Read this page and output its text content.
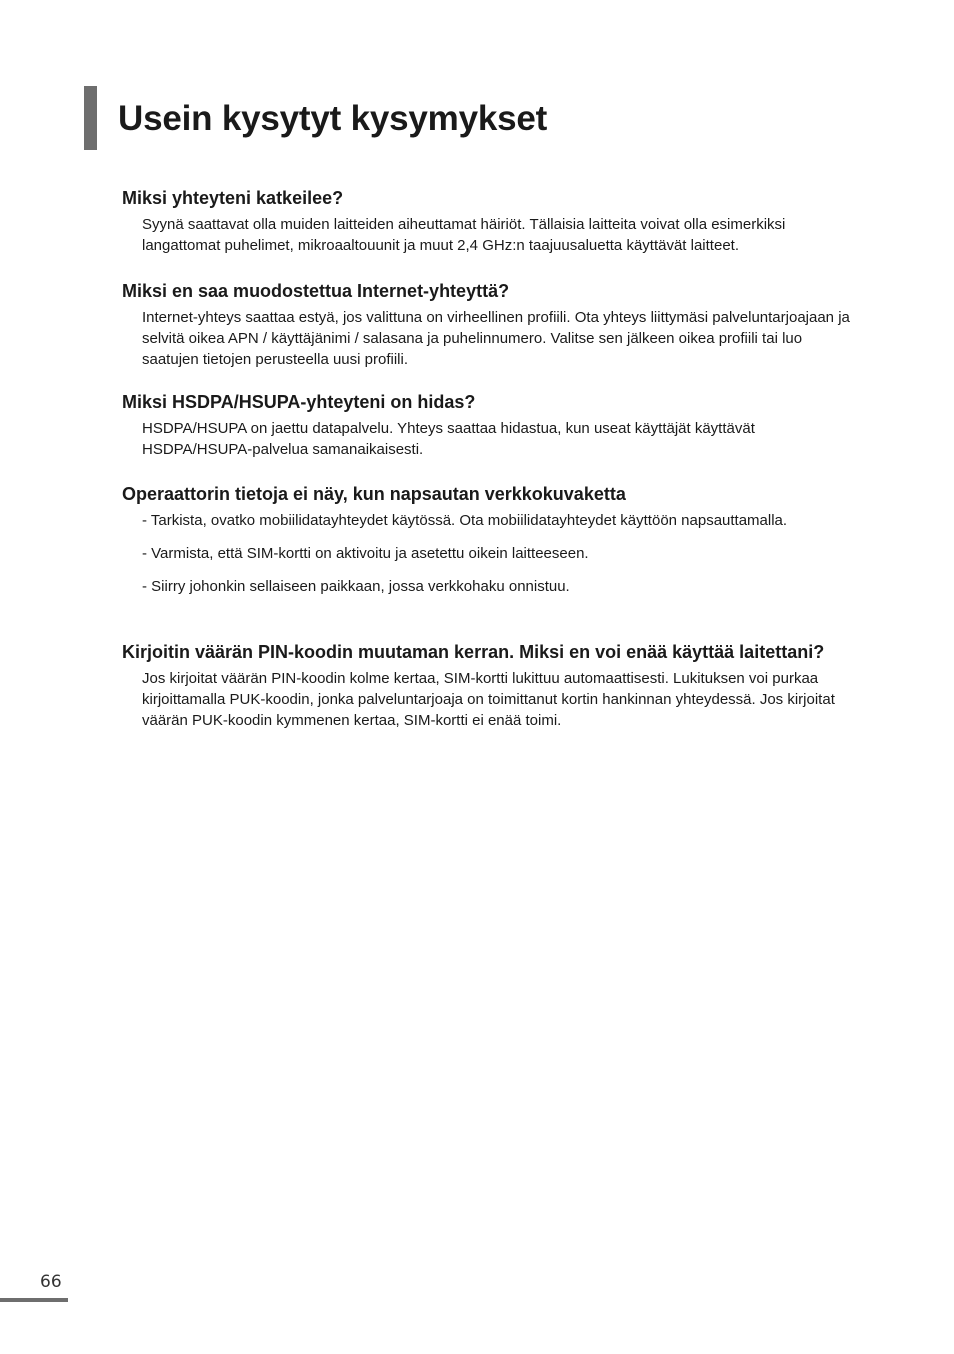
Usein kysytyt kysymykset
Miksi yhteyteni katkeilee?

Syynä saattavat olla muiden laitteiden aiheuttamat häiriöt. Tällaisia laitteita voivat olla esimerkiksi langattomat puhelimet, mikroaaltouunit ja muut 2,4 GHz:n taajuusaluetta käyttävät laitteet.

Miksi en saa muodostettua Internet-yhteyttä?

Internet-yhteys saattaa estyä, jos valittuna on virheellinen profiili. Ota yhteys liittymäsi palveluntarjoajaan ja selvitä oikea APN / käyttäjänimi / salasana ja puhelinnumero. Valitse sen jälkeen oikea profiili tai luo saatujen tietojen perusteella uusi profiili.

Miksi HSDPA/HSUPA-yhteyteni on hidas?

HSDPA/HSUPA on jaettu datapalvelu. Yhteys saattaa hidastua, kun useat käyttäjät käyttävät HSDPA/HSUPA-palvelua samanaikaisesti.

Operaattorin tietoja ei näy, kun napsautan verkkokuvaketta
- Tarkista, ovatko mobiilidatayhteydet käytössä. Ota mobiilidatayhteydet käyttöön napsauttamalla.
- Varmista, että SIM-kortti on aktivoitu ja asetettu oikein laitteeseen.
- Siirry johonkin sellaiseen paikkaan, jossa verkkohaku onnistuu.
Kirjoitin väärän PIN-koodin muutaman kerran. Miksi en voi enää käyttää laitettani?

Jos kirjoitat väärän PIN-koodin kolme kertaa, SIM-kortti lukittuu automaattisesti. Lukituksen voi purkaa kirjoittamalla PUK-koodin, jonka palveluntarjoaja on toimittanut kortin hankinnan yhteydessä. Jos kirjoitat väärän PUK-koodin kymmenen kertaa, SIM-kortti ei enää toimi.

66
